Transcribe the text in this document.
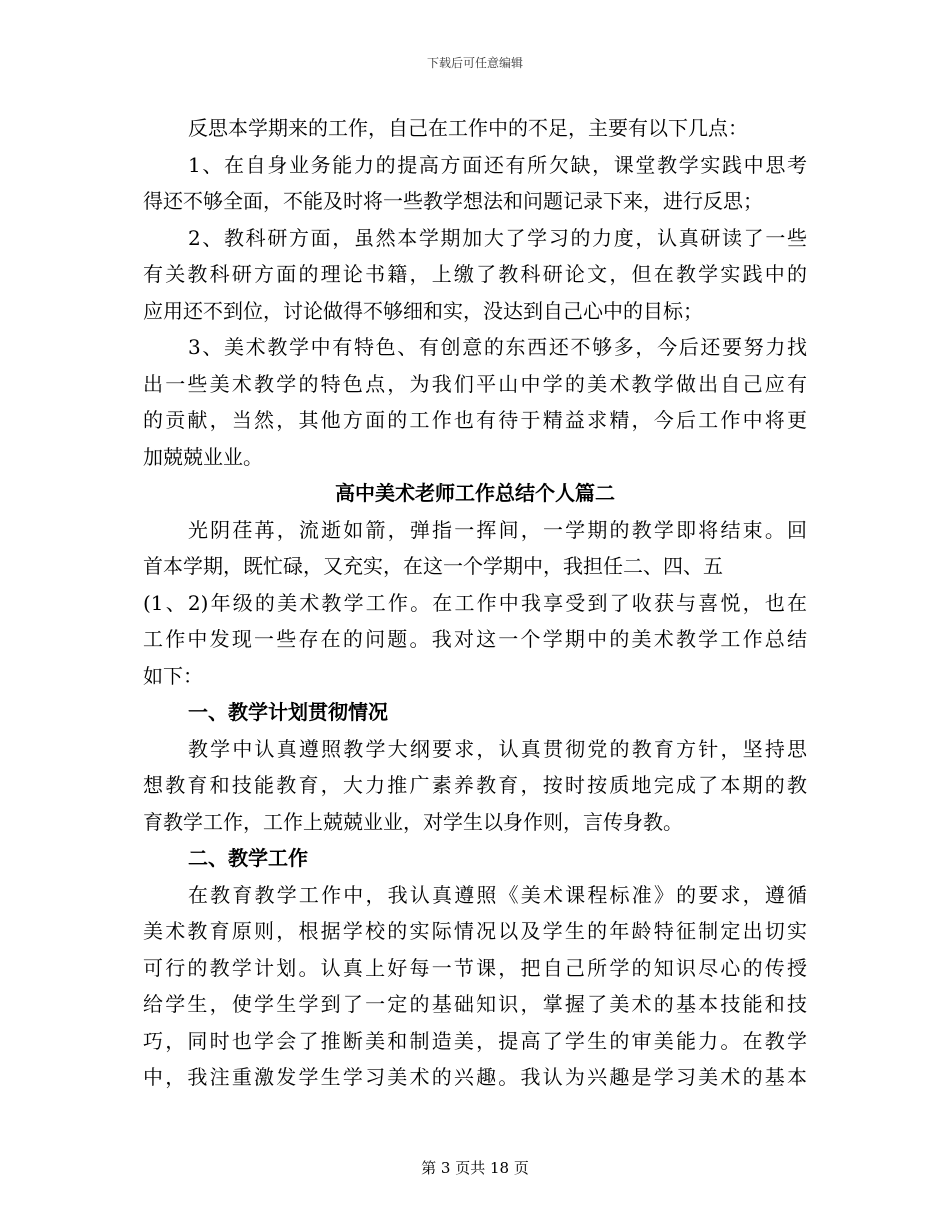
下载后可任意编辑
反思本学期来的工作，自己在工作中的不足，主要有以下几点：
1、在自身业务能力的提高方面还有所欠缺，课堂教学实践中思考
得还不够全面，不能及时将一些教学想法和问题记录下来，进行反思；
2、教科研方面，虽然本学期加大了学习的力度，认真研读了一些
有关教科研方面的理论书籍，上缴了教科研论文，但在教学实践中的
应用还不到位，讨论做得不够细和实，没达到自己心中的目标；
3、美术教学中有特色、有创意的东西还不够多，今后还要努力找
出一些美术教学的特色点，为我们平山中学的美术教学做出自己应有
的贡献，当然，其他方面的工作也有待于精益求精，今后工作中将更
加兢兢业业。
高中美术老师工作总结个人篇二
光阴荏苒，流逝如箭，弹指一挥间，一学期的教学即将结束。回
首本学期，既忙碌，又充实，在这一个学期中，我担任二、四、五
(1、2)年级的美术教学工作。在工作中我享受到了收获与喜悦，也在
工作中发现一些存在的问题。我对这一个学期中的美术教学工作总结
如下：
一、教学计划贯彻情况
教学中认真遵照教学大纲要求，认真贯彻党的教育方针，坚持思
想教育和技能教育，大力推广素养教育，按时按质地完成了本期的教
育教学工作，工作上兢兢业业，对学生以身作则，言传身教。
二、教学工作
在教育教学工作中，我认真遵照《美术课程标准》的要求，遵循
美术教育原则，根据学校的实际情况以及学生的年龄特征制定出切实
可行的教学计划。认真上好每一节课，把自己所学的知识尽心的传授
给学生，使学生学到了一定的基础知识，掌握了美术的基本技能和技
巧，同时也学会了推断美和制造美，提高了学生的审美能力。在教学
中，我注重激发学生学习美术的兴趣。我认为兴趣是学习美术的基本
第 3 页共 18 页
